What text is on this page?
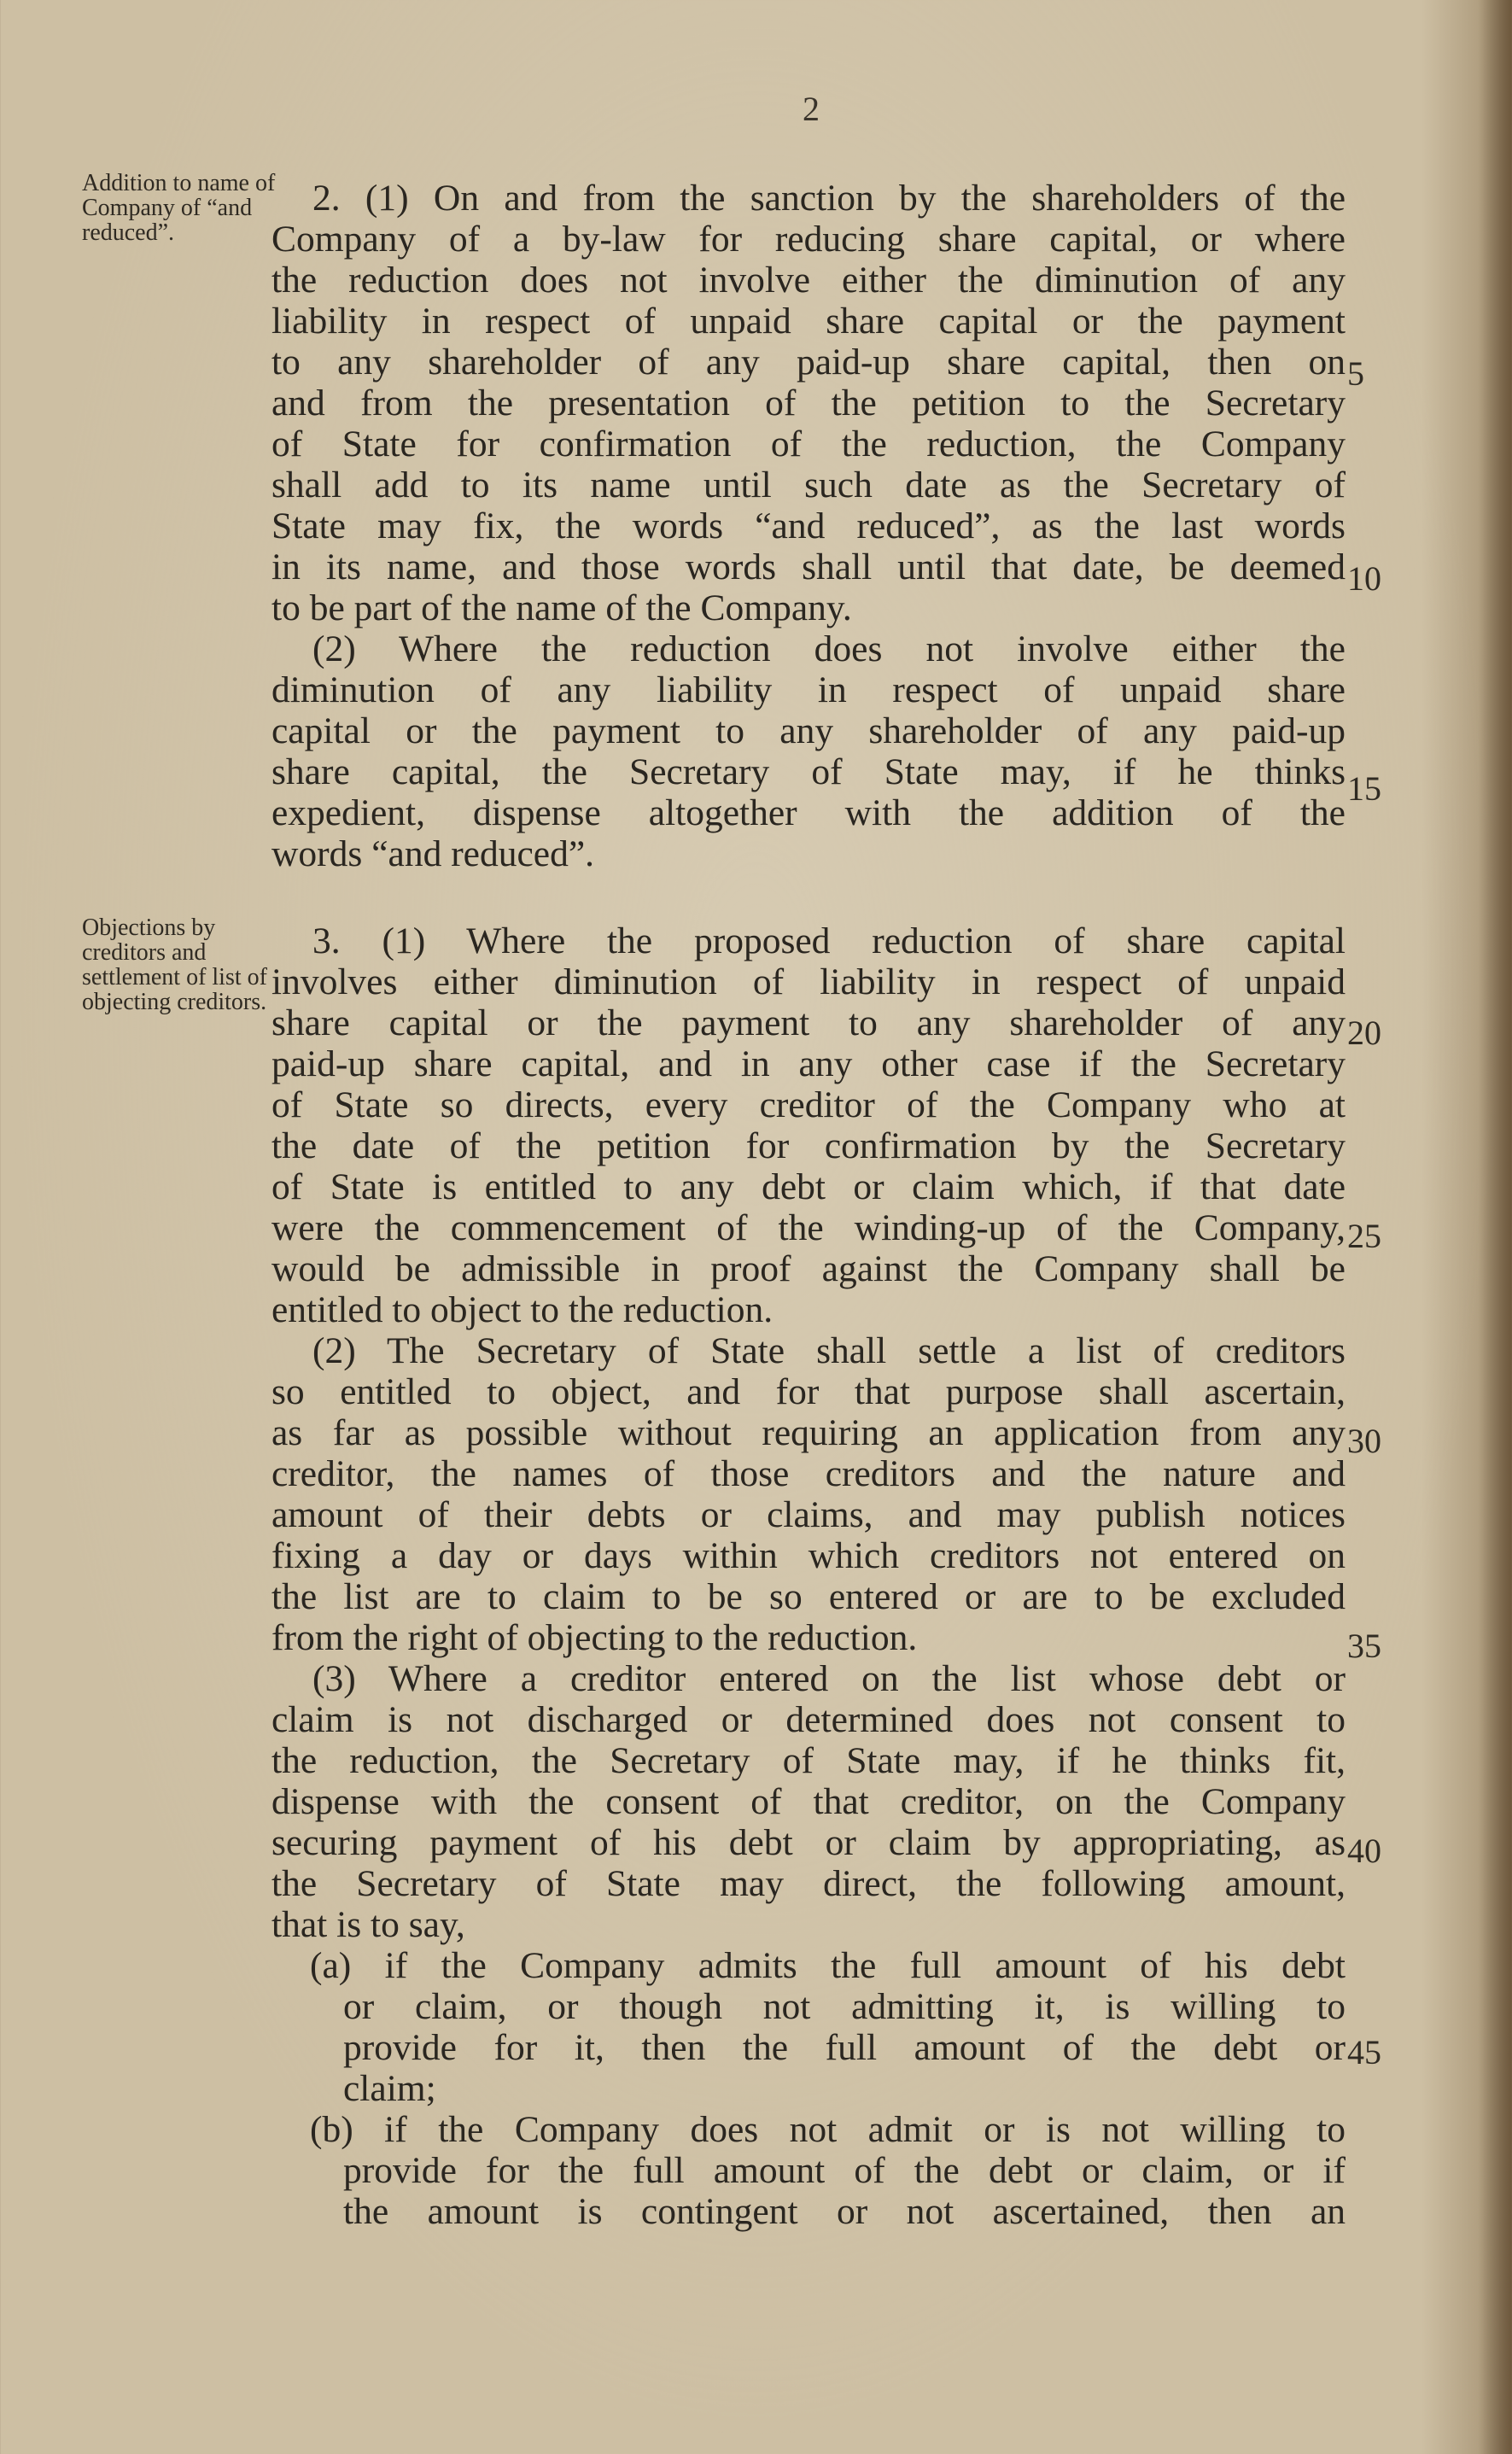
2
Addition to name of Company of “and reduced”.
Objections by creditors and settlement of list of objecting creditors.
2. (1) On and from the sanction by the shareholders of the
Company of a by-law for reducing share capital, or where
the reduction does not involve either the diminution of any
liability in respect of unpaid share capital or the payment
to any shareholder of any paid-up share capital, then on
and from the presentation of the petition to the Secretary
of State for confirmation of the reduction, the Company
shall add to its name until such date as the Secretary of
State may fix, the words “and reduced”, as the last words
in its name, and those words shall until that date, be deemed
to be part of the name of the Company.
(2) Where the reduction does not involve either the
diminution of any liability in respect of unpaid share
capital or the payment to any shareholder of any paid-up
share capital, the Secretary of State may, if he thinks
expedient, dispense altogether with the addition of the
words “and reduced”.
3. (1) Where the proposed reduction of share capital
involves either diminution of liability in respect of unpaid
share capital or the payment to any shareholder of any
paid-up share capital, and in any other case if the Secretary
of State so directs, every creditor of the Company who at
the date of the petition for confirmation by the Secretary
of State is entitled to any debt or claim which, if that date
were the commencement of the winding-up of the Company,
would be admissible in proof against the Company shall be
entitled to object to the reduction.
(2) The Secretary of State shall settle a list of creditors
so entitled to object, and for that purpose shall ascertain,
as far as possible without requiring an application from any
creditor, the names of those creditors and the nature and
amount of their debts or claims, and may publish notices
fixing a day or days within which creditors not entered on
the list are to claim to be so entered or are to be excluded
from the right of objecting to the reduction.
(3) Where a creditor entered on the list whose debt or
claim is not discharged or determined does not consent to
the reduction, the Secretary of State may, if he thinks fit,
dispense with the consent of that creditor, on the Company
securing payment of his debt or claim by appropriating, as
the Secretary of State may direct, the following amount,
that is to say,
(a) if the Company admits the full amount of his debt
or claim, or though not admitting it, is willing to
provide for it, then the full amount of the debt or
claim;
(b) if the Company does not admit or is not willing to
provide for the full amount of the debt or claim, or if
the amount is contingent or not ascertained, then an
5
10
15
20
25
30
35
40
45
